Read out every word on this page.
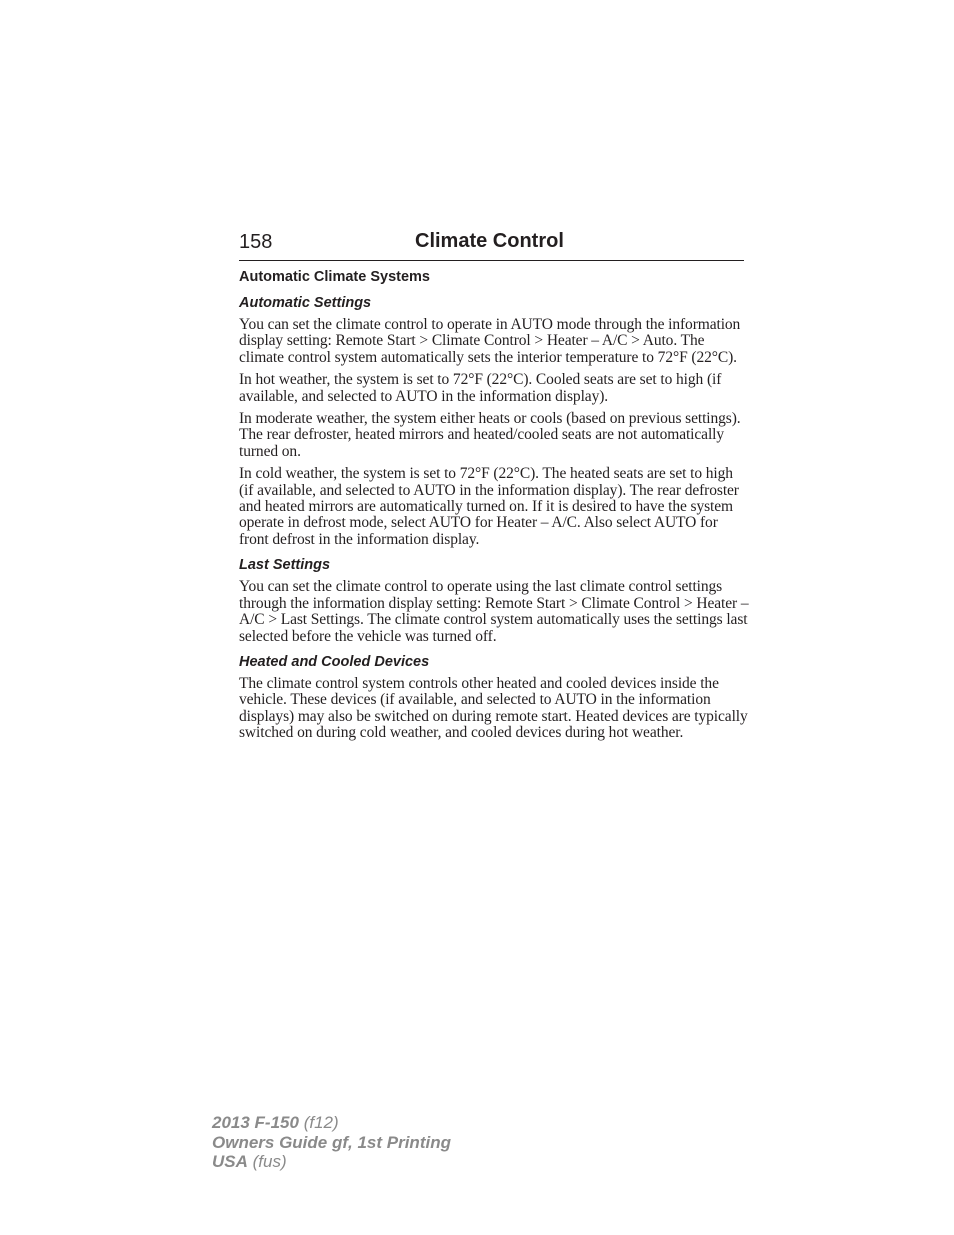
158	Climate Control
Automatic Climate Systems
Automatic Settings

You can set the climate control to operate in AUTO mode through the information display setting: Remote Start > Climate Control > Heater – A/C > Auto. The climate control system automatically sets the interior temperature to 72°F (22°C).

In hot weather, the system is set to 72°F (22°C). Cooled seats are set to high (if available, and selected to AUTO in the information display).

In moderate weather, the system either heats or cools (based on previous settings). The rear defroster, heated mirrors and heated/cooled seats are not automatically turned on.

In cold weather, the system is set to 72°F (22°C). The heated seats are set to high (if available, and selected to AUTO in the information display). The rear defroster and heated mirrors are automatically turned on. If it is desired to have the system operate in defrost mode, select AUTO for Heater – A/C. Also select AUTO for front defrost in the information display.

Last Settings

You can set the climate control to operate using the last climate control settings through the information display setting: Remote Start > Climate Control > Heater – A/C > Last Settings. The climate control system automatically uses the settings last selected before the vehicle was turned off.

Heated and Cooled Devices

The climate control system controls other heated and cooled devices inside the vehicle. These devices (if available, and selected to AUTO in the information displays) may also be switched on during remote start. Heated devices are typically switched on during cold weather, and cooled devices during hot weather.

2013 F-150 (f12)
Owners Guide gf, 1st Printing
USA (fus)
